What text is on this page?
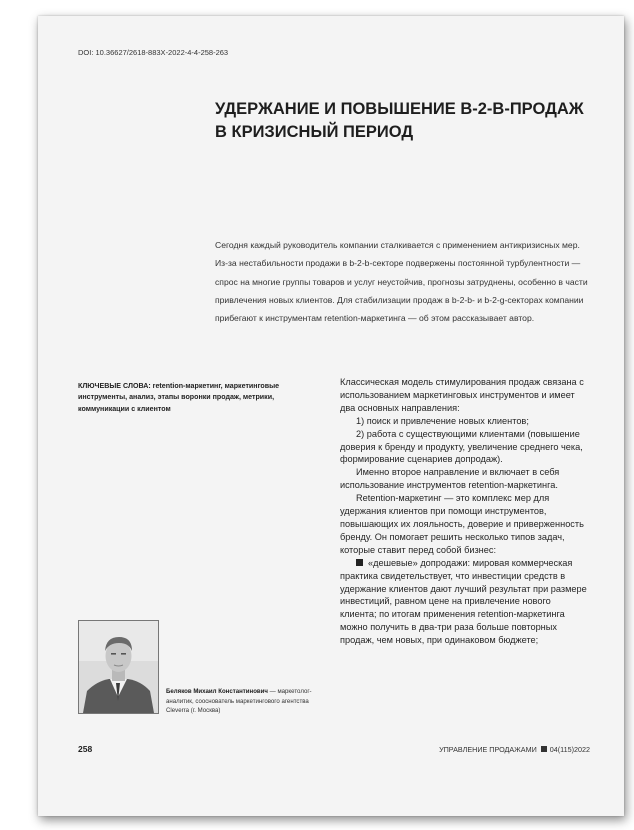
DOI: 10.36627/2618-883X-2022-4-4-258-263
УДЕРЖАНИЕ И ПОВЫШЕНИЕ B-2-B-ПРОДАЖ
В КРИЗИСНЫЙ ПЕРИОД

Сегодня каждый руководитель компании сталкивается с применением антикризисных мер. Из-за нестабильности продажи в b-2-b-секторе подвержены постоянной турбулентности — спрос на многие группы товаров и услуг неустойчив, прогнозы затруднены, особенно в части привлечения новых клиентов. Для стабилизации продаж в b-2-b- и b-2-g-секторах компании прибегают к инструментам retention-маркетинга — об этом рассказывает автор.

КЛЮЧЕВЫЕ СЛОВА: retention-маркетинг, маркетинговые инструменты, анализ, этапы воронки продаж, метрики, коммуникации с клиентом

Классическая модель стимулирования продаж связана с использованием маркетинговых инструментов и имеет два основных направления:

1) поиск и привлечение новых клиентов;

2) работа с существующими клиентами (повышение доверия к бренду и продукту, увеличение среднего чека, формирование сценариев допродаж).

Именно второе направление и включает в себя использование инструментов retention-маркетинга.

Retention-маркетинг — это комплекс мер для удержания клиентов при помощи инструментов, повышающих их лояльность, доверие и приверженность бренду. Он помогает решить несколько типов задач, которые ставит перед собой бизнес:

«дешевые» допродажи: мировая коммерческая практика свидетельствует, что инвестиции средств в удержание клиентов дают лучший результат при размере инвестиций, равном цене на привлечение нового клиента; по итогам применения retention-маркетинга можно получить в два-три раза больше повторных продаж, чем новых, при одинаковом бюджете;

Беляков Михаил Константинович — маркетолог-аналитик, сооснователь маркетингового агентства Cleverra (г. Москва)

258	УПРАВЛЕНИЕ ПРОДАЖАМИ 04(115)2022
